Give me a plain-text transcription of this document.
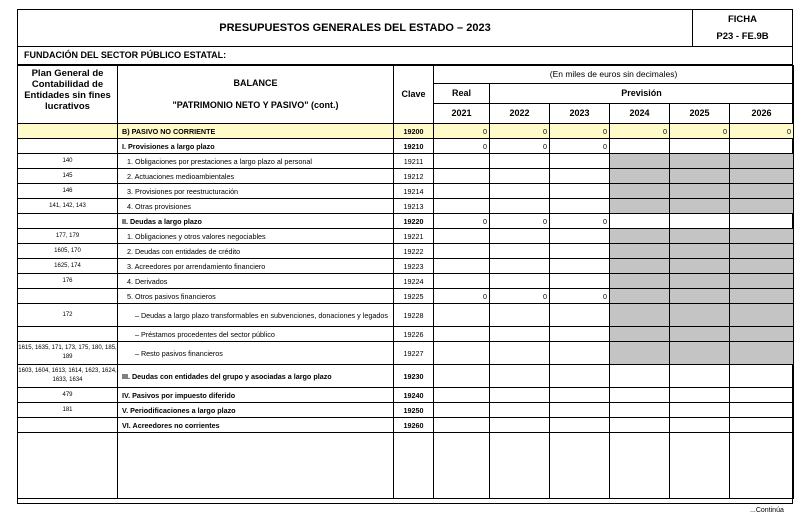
PRESUPUESTOS GENERALES DEL ESTADO – 2023
FICHA
P23 - FE.9B
FUNDACIÓN DEL SECTOR PÚBLICO ESTATAL:
Plan General de Contabilidad de Entidades sin fines lucrativos	BALANCE
"PATRIMONIO NETO Y PASIVO" (cont.)	Clave	(En miles de euros sin decimales)					
			Real	Previsión				
			2021	2022	2023	2024	2025	2026
	B) PASIVO NO CORRIENTE	19200	0	0	0	0	0	0
	I. Provisiones a largo plazo	19210	0	0	0			
140	1. Obligaciones por prestaciones a largo plazo al personal	19211						
145	2. Actuaciones medioambientales	19212						
146	3. Provisiones por reestructuración	19214						
141, 142, 143	4. Otras provisiones	19213						
	II. Deudas a largo plazo	19220	0	0	0			
177, 179	1. Obligaciones y otros valores negociables	19221						
1605, 170	2. Deudas con entidades de crédito	19222						
1625, 174	3. Acreedores por arrendamiento financiero	19223						
176	4. Derivados	19224						
	5. Otros pasivos financieros	19225	0	0	0			
172	– Deudas a largo plazo transformables en subvenciones, donaciones y legados	19228						
	– Préstamos procedentes del sector público	19226						
1615, 1635, 171, 173, 175, 180, 185, 189	– Resto pasivos financieros	19227						
1603, 1604, 1613, 1614, 1623, 1624, 1633, 1634	III. Deudas con entidades del grupo y asociadas a largo plazo	19230						
479	IV. Pasivos por impuesto diferido	19240						
181	V. Periodificaciones a largo plazo	19250						
	VI. Acreedores no corrientes	19260						

...Continúa
